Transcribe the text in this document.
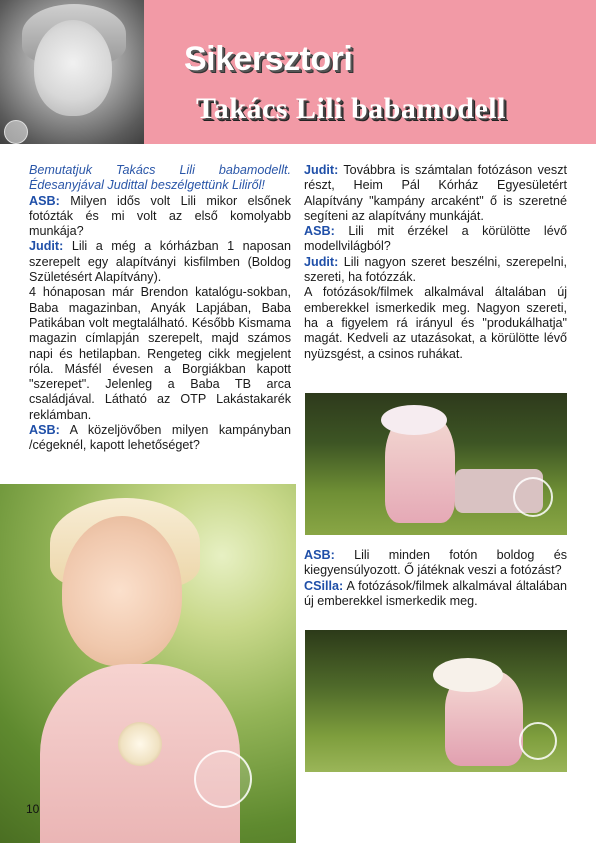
Sikersztori
Takács Lili babamodell

Bemutatjuk Takács Lili babamodellt. Édesanyjával Judittal beszélgettünk Liliről!

ASB: Milyen idős volt Lili mikor elsőnek fotózták és mi volt az első komolyabb munkája?

Judit: Lili a még a kórházban 1 naposan szerepelt egy alapítványi kisfilmben (Boldog Születésért Alapítvány).

4 hónaposan már Brendon katalógu-sokban, Baba magazinban, Anyák Lapjában, Baba Patikában volt megtalálható. Később Kismama magazin címlapján szerepelt, majd számos napi és hetilapban. Rengeteg cikk megjelent róla. Másfél évesen a Borgiákban kapott "szerepet". Jelenleg a Baba TB arca családjával. Látható az OTP Lakástakarék reklámban.

ASB: A közeljövőben milyen kampányban /cégeknél, kapott lehetőséget?

Judit: Továbbra is számtalan fotózáson veszt részt, Heim Pál Kórház Egyesületért Alapítvány "kampány arcaként" ő is szeretné segíteni az alapítvány munkáját.

ASB: Lili mit érzékel a körülötte lévő modellvilágból?

Judit: Lili nagyon szeret beszélni, szerepelni, szereti, ha fotózzák.

A fotózások/filmek alkalmával általában új emberekkel ismerkedik meg. Nagyon szereti, ha a figyelem rá irányul és "produkálhatja" magát. Kedveli az utazásokat, a körülötte lévő nyüzsgést, a csinos ruhákat.

ASB: Lili minden fotón boldog és kiegyensúlyozott. Ő játéknak veszi a fotózást?

CSilla: A fotózások/filmek alkalmával általában új emberekkel ismerkedik meg.

10
